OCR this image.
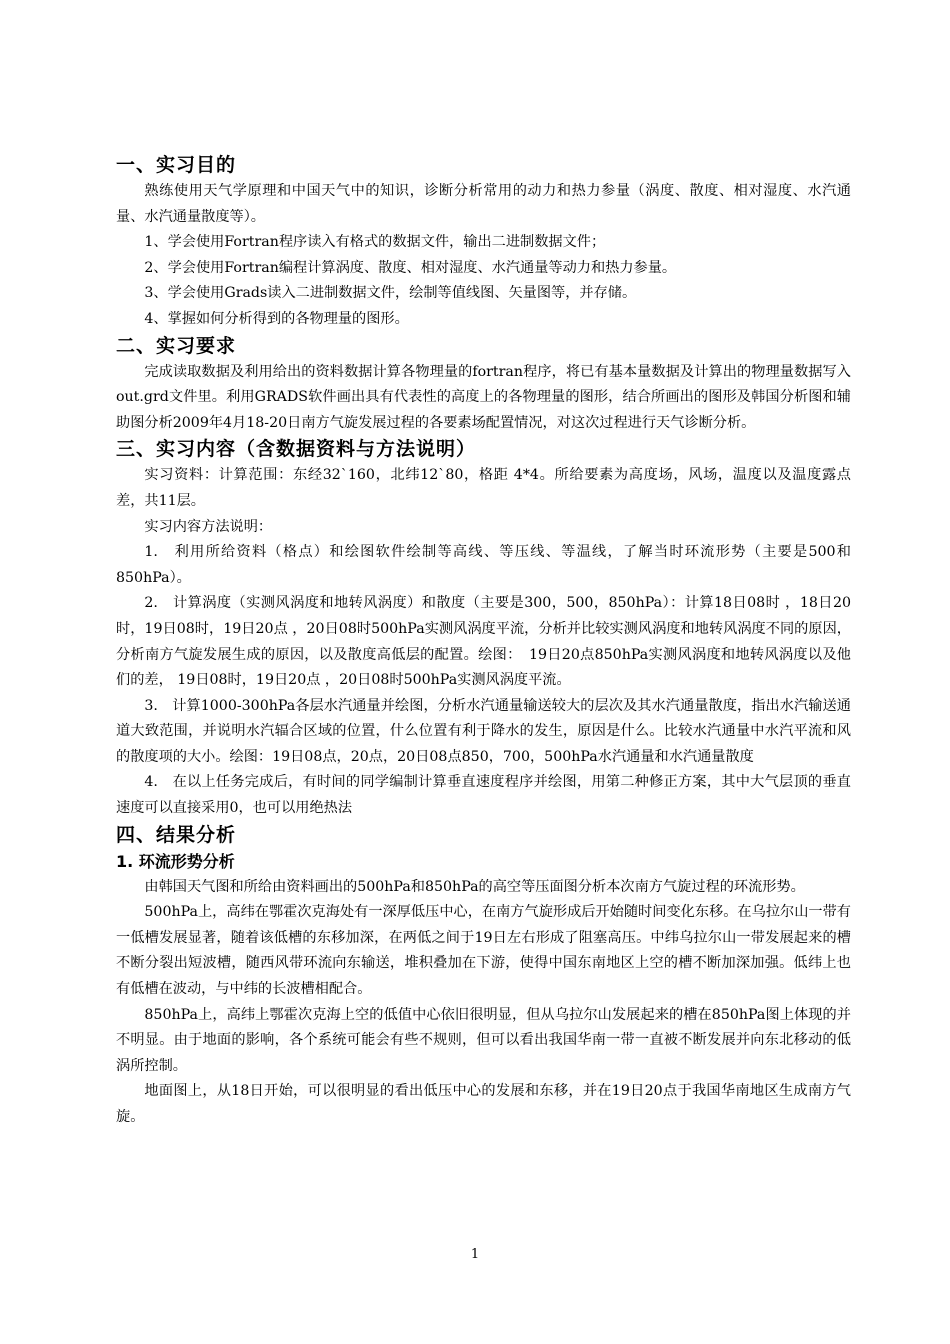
一、实习目的

熟练使用天气学原理和中国天气中的知识，诊断分析常用的动力和热力参量（涡度、散度、相对湿度、水汽通量、水汽通量散度等）。

1、学会使用Fortran程序读入有格式的数据文件，输出二进制数据文件；

2、学会使用Fortran编程计算涡度、散度、相对湿度、水汽通量等动力和热力参量。

3、学会使用Grads读入二进制数据文件，绘制等值线图、矢量图等，并存储。

4、掌握如何分析得到的各物理量的图形。

二、实习要求

完成读取数据及利用给出的资料数据计算各物理量的fortran程序，将已有基本量数据及计算出的物理量数据写入out.grd文件里。利用GRADS软件画出具有代表性的高度上的各物理量的图形，结合所画出的图形及韩国分析图和辅助图分析2009年4月18-20日南方气旋发展过程的各要素场配置情况，对这次过程进行天气诊断分析。

三、实习内容（含数据资料与方法说明）

实习资料：计算范围：东经32`160，北纬12`80，格距 4*4。所给要素为高度场，风场，温度以及温度露点差，共11层。

实习内容方法说明：

1.　利用所给资料（格点）和绘图软件绘制等高线、等压线、等温线，了解当时环流形势（主要是500和850hPa）。

2.　计算涡度（实测风涡度和地转风涡度）和散度（主要是300，500，850hPa）：计算18日08时 ，18日20时，19日08时，19日20点 ，20日08时500hPa实测风涡度平流，分析并比较实测风涡度和地转风涡度不同的原因，分析南方气旋发展生成的原因，以及散度高低层的配置。绘图：　19日20点850hPa实测风涡度和地转风涡度以及他们的差， 19日08时，19日20点 ，20日08时500hPa实测风涡度平流。

3.　计算1000-300hPa各层水汽通量并绘图，分析水汽通量输送较大的层次及其水汽通量散度，指出水汽输送通道大致范围，并说明水汽辐合区域的位置，什么位置有利于降水的发生，原因是什么。比较水汽通量中水汽平流和风的散度项的大小。绘图：19日08点，20点，20日08点850，700，500hPa水汽通量和水汽通量散度

4.　在以上任务完成后，有时间的同学编制计算垂直速度程序并绘图，用第二种修正方案，其中大气层顶的垂直速度可以直接采用0，也可以用绝热法

四、结果分析
1. 环流形势分析

由韩国天气图和所给由资料画出的500hPa和850hPa的高空等压面图分析本次南方气旋过程的环流形势。

500hPa上，高纬在鄂霍次克海处有一深厚低压中心，在南方气旋形成后开始随时间变化东移。在乌拉尔山一带有一低槽发展显著，随着该低槽的东移加深，在两低之间于19日左右形成了阻塞高压。中纬乌拉尔山一带发展起来的槽不断分裂出短波槽，随西风带环流向东输送，堆积叠加在下游，使得中国东南地区上空的槽不断加深加强。低纬上也有低槽在波动，与中纬的长波槽相配合。

850hPa上，高纬上鄂霍次克海上空的低值中心依旧很明显，但从乌拉尔山发展起来的槽在850hPa图上体现的并不明显。由于地面的影响，各个系统可能会有些不规则，但可以看出我国华南一带一直被不断发展并向东北移动的低涡所控制。

地面图上，从18日开始，可以很明显的看出低压中心的发展和东移，并在19日20点于我国华南地区生成南方气旋。

1
